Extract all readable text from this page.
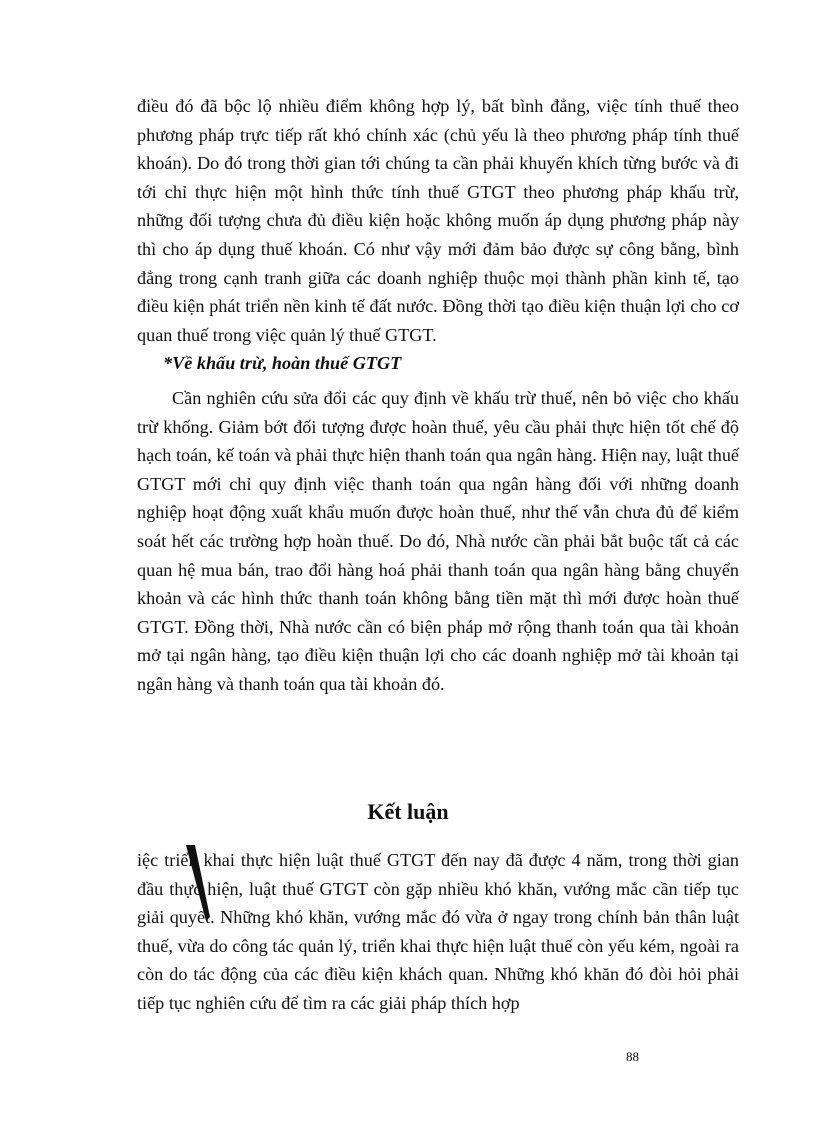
điều đó đã bộc lộ nhiều điểm không hợp lý, bất bình đẳng, việc tính thuế theo phương pháp trực tiếp rất khó chính xác (chủ yếu là theo phương pháp tính thuế khoán). Do đó trong thời gian tới chúng ta cần phải khuyến khích từng bước và đi tới chỉ thực hiện một hình thức tính thuế GTGT theo phương pháp khấu trừ, những đối tượng chưa đủ điều kiện hoặc không muốn áp dụng phương pháp này thì cho áp dụng thuế khoán. Có như vậy mới đảm bảo được sự công bằng, bình đẳng trong cạnh tranh giữa các doanh nghiệp thuộc mọi thành phần kinh tế, tạo điều kiện phát triển nền kinh tế đất nước. Đồng thời tạo điều kiện thuận lợi cho cơ quan thuế trong việc quản lý thuế GTGT.

*Về khấu trừ, hoàn thuế GTGT

Cần nghiên cứu sửa đổi các quy định về khấu trừ thuế, nên bỏ việc cho khấu trừ khống. Giảm bớt đối tượng được hoàn thuế, yêu cầu phải thực hiện tốt chế độ hạch toán, kế toán và phải thực hiện thanh toán qua ngân hàng. Hiện nay, luật thuế GTGT mới chỉ quy định việc thanh toán qua ngân hàng đối với những doanh nghiệp hoạt động xuất khẩu muốn được hoàn thuế, như thế vẫn chưa đủ để kiểm soát hết các trường hợp hoàn thuế. Do đó, Nhà nước cần phải bắt buộc tất cả các quan hệ mua bán, trao đổi hàng hoá phải thanh toán qua ngân hàng bằng chuyển khoản và các hình thức thanh toán không bằng tiền mặt thì mới được hoàn thuế GTGT. Đồng thời, Nhà nước cần có biện pháp mở rộng thanh toán qua tài khoản mở tại ngân hàng, tạo điều kiện thuận lợi cho các doanh nghiệp mở tài khoản tại ngân hàng và thanh toán qua tài khoản đó.

Kết luận

iệc triển khai thực hiện luật thuế GTGT đến nay đã được 4 năm, trong thời gian đầu thực hiện, luật thuế GTGT còn gặp nhiều khó khăn, vướng mắc cần tiếp tục giải quyết. Những khó khăn, vướng mắc đó vừa ở ngay trong chính bản thân luật thuế, vừa do công tác quản lý, triển khai thực hiện luật thuế còn yếu kém, ngoài ra còn do tác động của các điều kiện khách quan. Những khó khăn đó đòi hỏi phải tiếp tục nghiên cứu để tìm ra các giải pháp thích hợp

88
